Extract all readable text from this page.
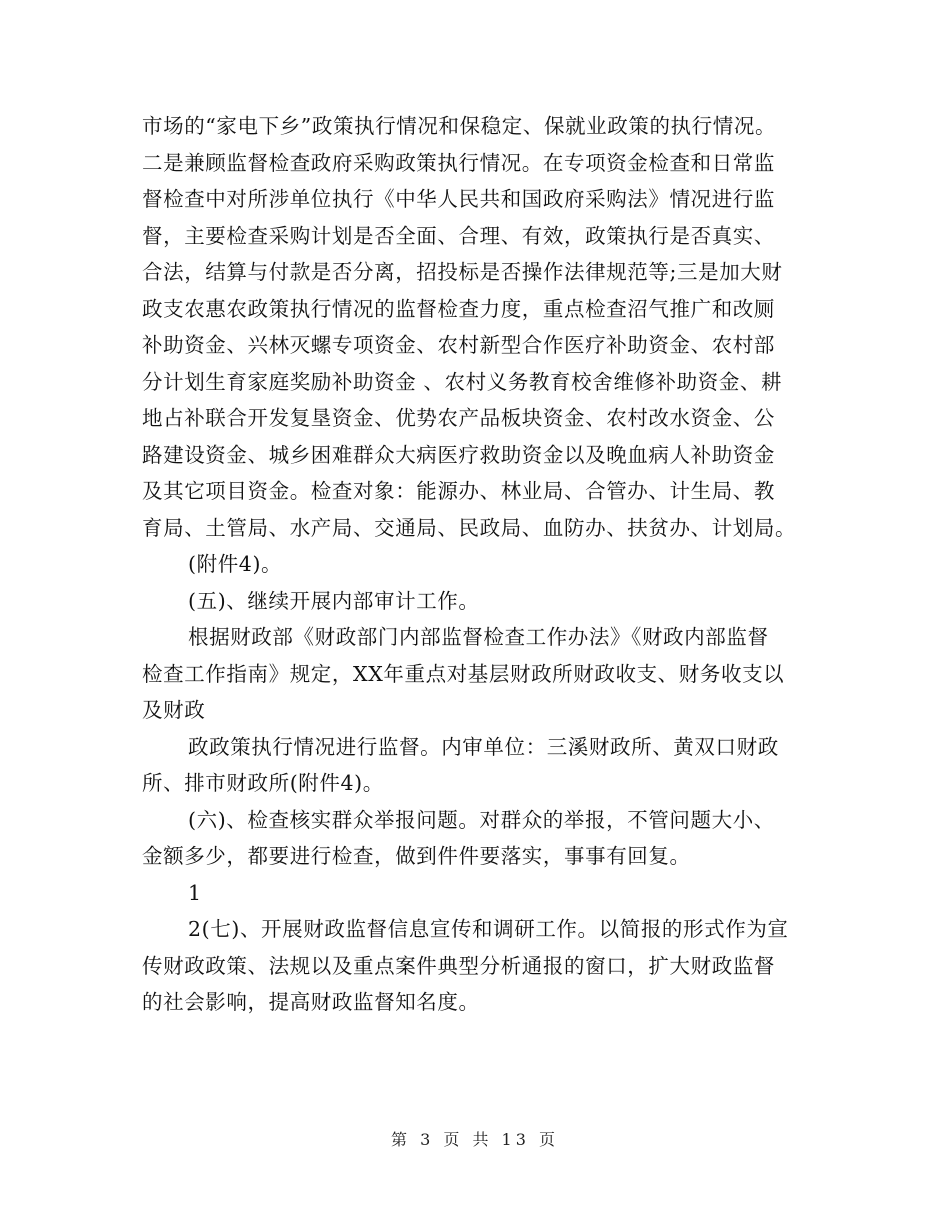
市场的“家电下乡”政策执行情况和保稳定、保就业政策的执行情况。
二是兼顾监督检查政府采购政策执行情况。在专项资金检查和日常监
督检查中对所涉单位执行《中华人民共和国政府采购法》情况进行监
督，主要检查采购计划是否全面、合理、有效，政策执行是否真实、
合法，结算与付款是否分离，招投标是否操作法律规范等;三是加大财
政支农惠农政策执行情况的监督检查力度，重点检查沼气推广和改厕
补助资金、兴林灭螺专项资金、农村新型合作医疗补助资金、农村部
分计划生育家庭奖励补助资金 、农村义务教育校舍维修补助资金、耕
地占补联合开发复垦资金、优势农产品板块资金、农村改水资金、公
路建设资金、城乡困难群众大病医疗救助资金以及晚血病人补助资金
及其它项目资金。检查对象：能源办、林业局、合管办、计生局、教
育局、土管局、水产局、交通局、民政局、血防办、扶贫办、计划局。
(附件4)。
(五)、继续开展内部审计工作。
根据财政部《财政部门内部监督检查工作办法》《财政内部监督
检查工作指南》规定，XX年重点对基层财政所财政收支、财务收支以
及财政
政政策执行情况进行监督。内审单位：三溪财政所、黄双口财政
所、排市财政所(附件4)。
(六)、检查核实群众举报问题。对群众的举报，不管问题大小、
金额多少，都要进行检查，做到件件要落实，事事有回复。
1
2(七)、开展财政监督信息宣传和调研工作。以简报的形式作为宣
传财政政策、法规以及重点案件典型分析通报的窗口，扩大财政监督
的社会影响，提高财政监督知名度。
第 3 页 共 13 页
